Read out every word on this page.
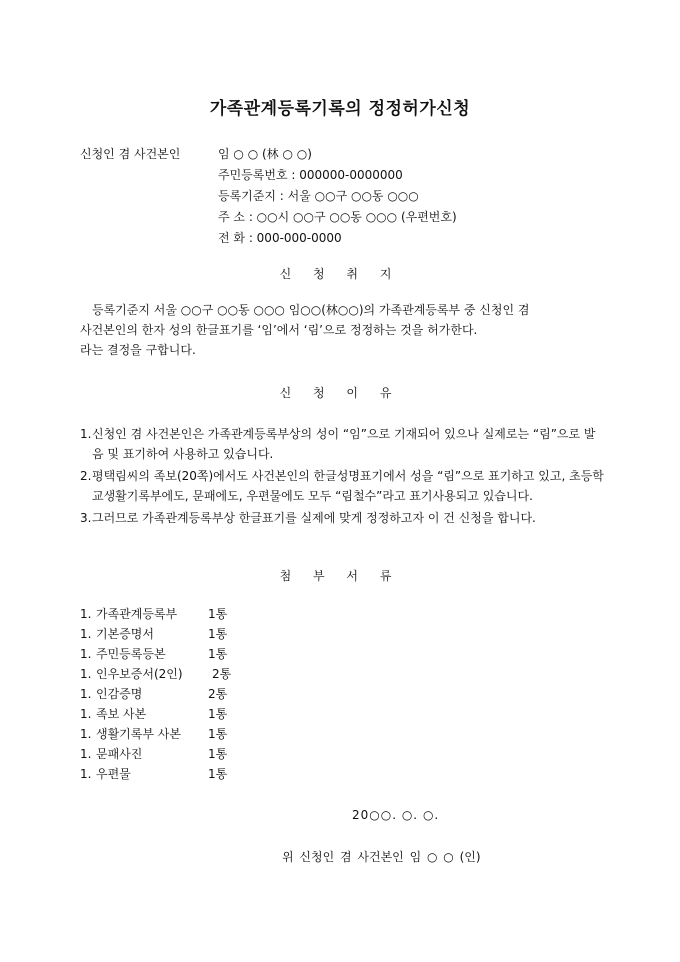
가족관계등록기록의 정정허가신청
신청인 겸 사건본인	임 ○ ○ (林 ○ ○)
주민등록번호 : 000000-0000000
등록기준지 : 서울 ○○구 ○○동 ○○○
주 소 : ○○시 ○○구 ○○동 ○○○ (우편번호)
전 화 : 000-000-0000
신 청 취 지

등록기준지 서울 ○○구 ○○동 ○○○ 임○○(林○○)의 가족관계등록부 중 신청인 겸

사건본인의 한자 성의 한글표기를 ‘임’에서 ‘림’으로 정정하는 것을 허가한다.

라는 결정을 구합니다.

신 청 이 유
1. 신청인 겸 사건본인은 가족관계등록부상의 성이 “임”으로 기재되어 있으나 실제로는 “림”으로 발음 및 표기하여 사용하고 있습니다.
2. 평택림씨의 족보(20쪽)에서도 사건본인의 한글성명표기에서 성을 “림”으로 표기하고 있고, 초등학교생활기록부에도, 문패에도, 우편물에도 모두 “림철수”라고 표기사용되고 있습니다.
3. 그러므로 가족관계등록부상 한글표기를 실제에 맞게 정정하고자 이 건 신청을 합니다.
첨 부 서 류
1. 가족관계등록부	1통
1. 기본증명서	1통
1. 주민등록등본	1통
1. 인우보증서(2인) 2통
1. 인감증명	2통
1. 족보 사본	1통
1. 생활기록부 사본 1통
1. 문패사진	1통
1. 우편물	1통
20○○. ○. ○.
위 신청인 겸 사건본인 임 ○ ○ (인)
